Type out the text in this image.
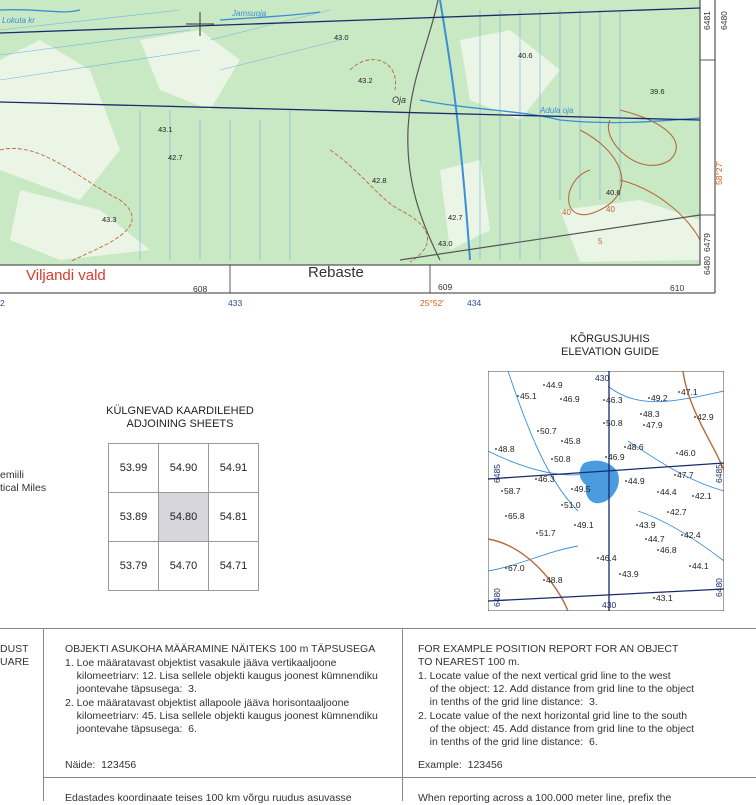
Lokuta kr
Jamsuoja
Adula oja
Oja
43.0
43.2
43.1
42.7
42.8
43.3
40.6
39.6
40.6
42.7
43.0
40	40
5
Viljandi vald	Rebaste
608	609	610
433	434
2	25°52'
6481 6480
6479
6480
58°27'
KÕRGUSJUHIS
ELEVATION GUIDE
44.9
45.1	46.9	46.3	49.2
47.1
48.3	42.9
47.9
50.8
50.7
45.8
48.8	48.6
46.0
50.8	46.9
46.3
49.5
44.9
47.7
58.7	44.4 42.1
51.0
65.8	42.7
49.1	43.9
51.7	42.4
44.7
46.8
46.4
44.1
67.0
48.8
43.9
43.1
430
6485	6485
6480
6480
430
KÜLGNEVAD KAARDILEHED
ADJOINING SHEETS
53.99	54.90	54.91
53.89	54.80	54.81
53.79	54.70	54.71
emiili
tical Miles
DUST
UARE
OBJEKTI ASUKOHA MÄÄRAMINE NÄITEKS 100 m TÄPSUSEGA
1. Loe määratavast objektist vasakule jääva vertikaaljoone
kilomeetriarv: 12. Lisa sellele objekti kaugus joonest kümnendiku
joontevahe täpsusega:  3.
2. Loe määratavast objektist allapoole jääva horisontaaljoone
kilomeetriarv: 45. Lisa sellele objekti kaugus joonest kümnendiku
joontevahe täpsusega:  6.
Näide:  123456
Edastades koordinaate teises 100 km võrgu ruudus asuvasse
FOR EXAMPLE POSITION REPORT FOR AN OBJECT
TO NEAREST 100 m.
1. Locate value of the next vertical grid line to the west
of the object: 12. Add distance from grid line to the object
in tenths of the grid line distance:  3.
2. Locate value of the next horizontal grid line to the south
of the object: 45. Add distance from grid line to the object
in tenths of the grid line distance:  6.
Example:  123456
When reporting across a 100.000 meter line, prefix the
